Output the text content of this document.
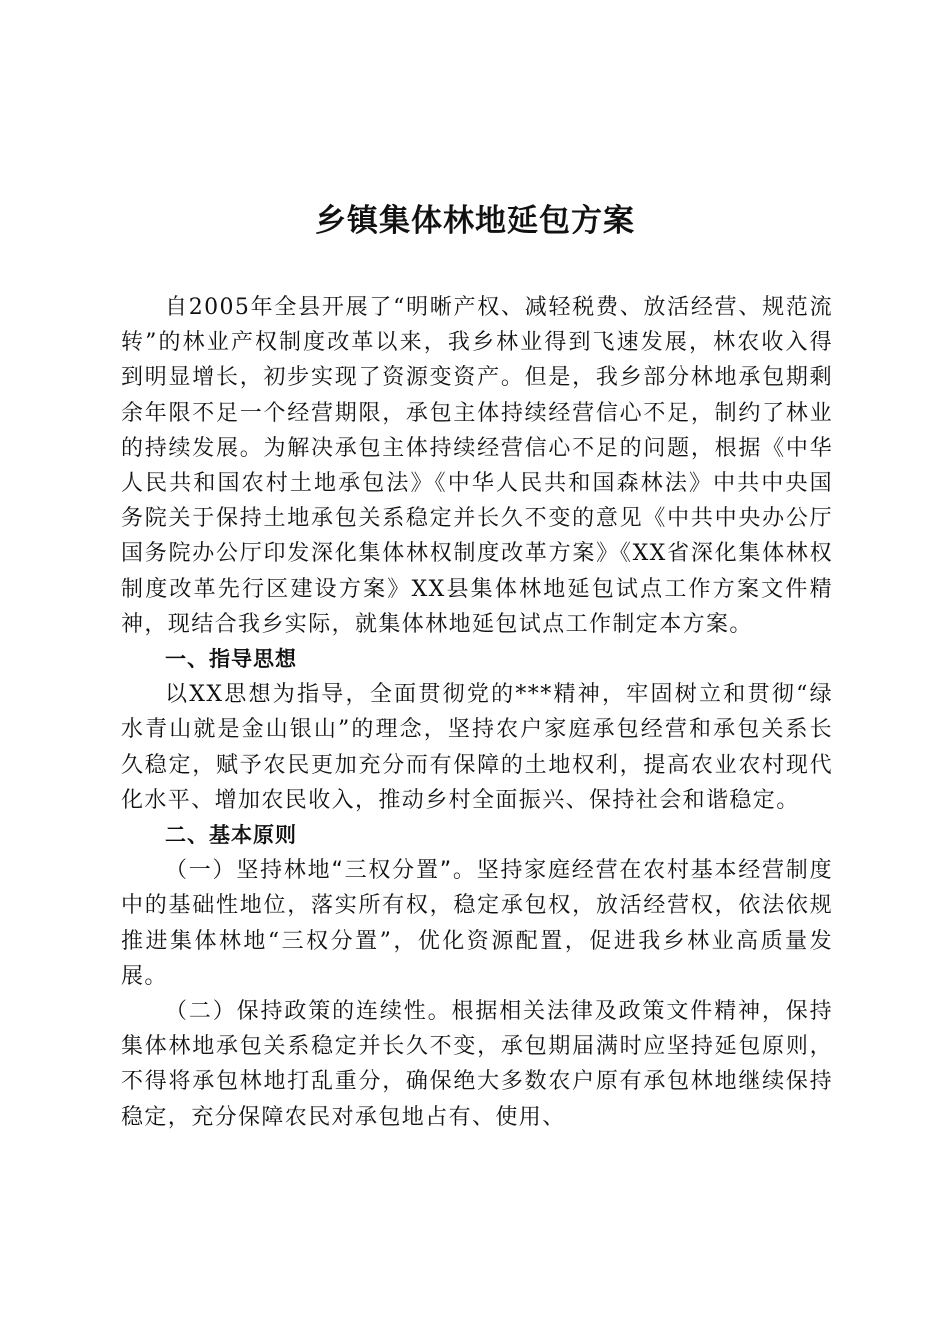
乡镇集体林地延包方案

自2005年全县开展了“明晰产权、减轻税费、放活经营、规范流转”的林业产权制度改革以来，我乡林业得到飞速发展，林农收入得到明显增长，初步实现了资源变资产。但是，我乡部分林地承包期剩余年限不足一个经营期限，承包主体持续经营信心不足，制约了林业的持续发展。为解决承包主体持续经营信心不足的问题，根据《中华人民共和国农村土地承包法》《中华人民共和国森林法》中共中央国务院关于保持土地承包关系稳定并长久不变的意见《中共中央办公厅　国务院办公厅印发深化集体林权制度改革方案》《XX省深化集体林权制度改革先行区建设方案》XX县集体林地延包试点工作方案文件精神，现结合我乡实际，就集体林地延包试点工作制定本方案。

一、指导思想

以XX思想为指导，全面贯彻党的***精神，牢固树立和贯彻“绿水青山就是金山银山”的理念，坚持农户家庭承包经营和承包关系长久稳定，赋予农民更加充分而有保障的土地权利，提高农业农村现代化水平、增加农民收入，推动乡村全面振兴、保持社会和谐稳定。

二、基本原则

（一）坚持林地“三权分置”。坚持家庭经营在农村基本经营制度中的基础性地位，落实所有权，稳定承包权，放活经营权，依法依规推进集体林地“三权分置”，优化资源配置，促进我乡林业高质量发展。

（二）保持政策的连续性。根据相关法律及政策文件精神，保持集体林地承包关系稳定并长久不变，承包期届满时应坚持延包原则，不得将承包林地打乱重分，确保绝大多数农户原有承包林地继续保持稳定，充分保障农民对承包地占有、使用、
